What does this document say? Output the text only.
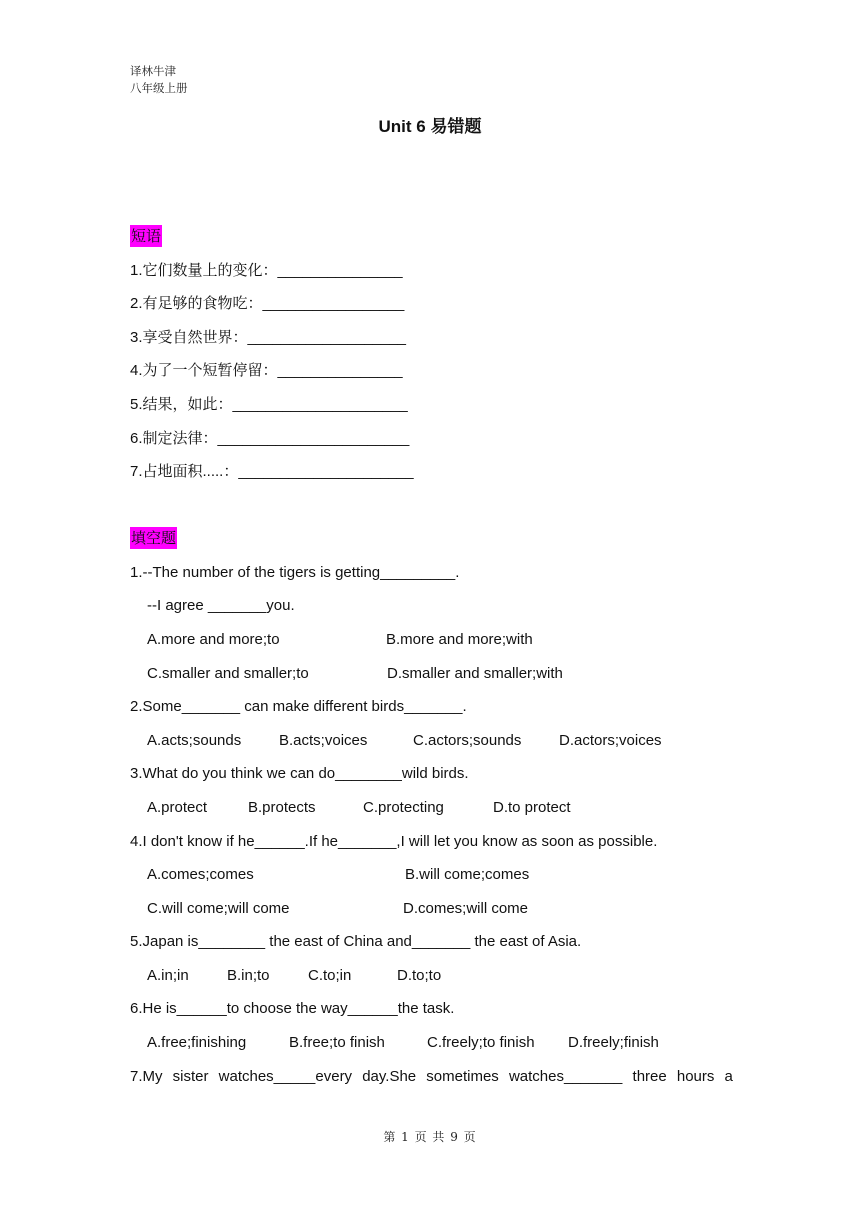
译林牛津
八年级上册
Unit 6 易错题
短语
1.它们数量上的变化：_______________
2.有足够的食物吃：_________________
3.享受自然世界：___________________
4.为了一个短暂停留：_______________
5.结果，如此：_____________________
6.制定法律：_______________________
7.占地面积.....：_____________________
填空题
1.--The number of the tigers is getting_________.
--I agree _______you.
A.more and more;to	B.more and more;with
C.smaller and smaller;to	D.smaller and smaller;with
2.Some_______ can make different birds_______.
A.acts;sounds	B.acts;voices	C.actors;sounds	D.actors;voices
3.What do you think we can do________wild birds.
A.protect	B.protects	C.protecting	D.to protect
4.I don't know if he______.If he_______,I will let you know as soon as possible.
A.comes;comes	B.will come;comes
C.will come;will come	D.comes;will come
5.Japan is________ the east of China and_______ the east of Asia.
A.in;in	B.in;to	C.to;in	D.to;to
6.He is______to choose the way______the task.
A.free;finishing	B.free;to finish	C.freely;to finish D.freely;finish
7.My sister watches_____every day.She sometimes watches_______ three hours a
第 1 页 共 9 页
